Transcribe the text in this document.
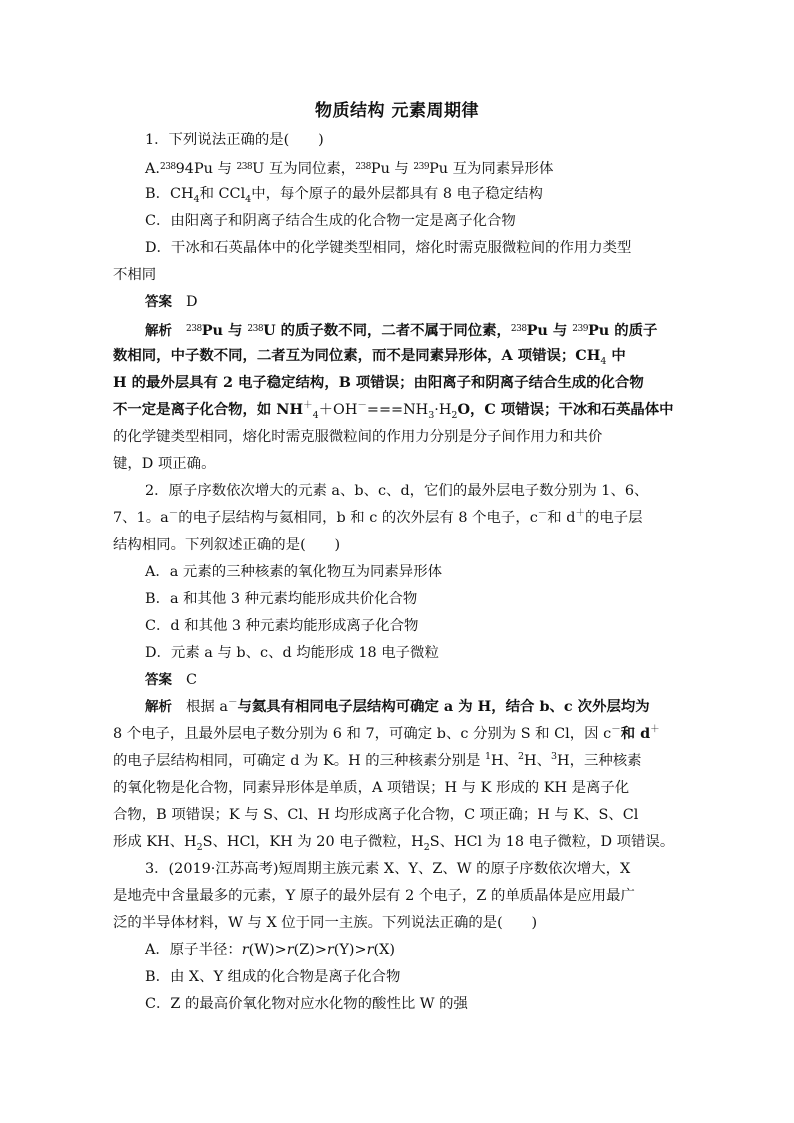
物质结构 元素周期律
1．下列说法正确的是(　　)
A.$^{238}$94Pu 与 $^{238}$U 互为同位素，$^{238}$Pu 与 $^{239}$Pu 互为同素异形体
B．$CH_4$和 CCl$_4$中，每个原子的最外层都具有 8 电子稳定结构
C．由阳离子和阴离子结合生成的化合物一定是离子化合物
D．干冰和石英晶体中的化学键类型相同，熔化时需克服微粒间的作用力类型
不相同
答案 D
解析 $^{238}$Pu 与 $^{238}$U 的质子数不同，二者不属于同位素，$^{238}$Pu 与 $^{239}$Pu 的质子
数相同，中子数不同，二者互为同位素，而不是同素异形体，A 项错误；$CH_4$ 中
H 的最外层具有 2 电子稳定结构，B 项错误；由阳离子和阴离子结合生成的化合物
不一定是离子化合物，如 $NH^+_4+OH^-===NH_3\cdot H_2O$，C 项错误；干冰和石英晶体中
的化学键类型相同，熔化时需克服微粒间的作用力分别是分子间作用力和共价
键，D 项正确。
2．原子序数依次增大的元素 a、b、c、d，它们的最外层电子数分别为 1、6、
7、1。a－的电子层结构与氦相同，b 和 c 的次外层有 8 个电子，c－和 d＋的电子层
结构相同。下列叙述正确的是(　　)
A．a 元素的三种核素的氧化物互为同素异形体
B．a 和其他 3 种元素均能形成共价化合物
C．d 和其他 3 种元素均能形成离子化合物
D．元素 a 与 b、c、d 均能形成 18 电子微粒
答案 C
解析 根据 a－与氦具有相同电子层结构可确定 a 为 H，结合 b、c 次外层均为
8 个电子，且最外层电子数分别为 6 和 7，可确定 b、c 分别为 S 和 Cl，因 c－和 d＋
的电子层结构相同，可确定 d 为 K。H 的三种核素分别是 $^1$H、$^2$H、$^3$H，三种核素
的氧化物是化合物，同素异形体是单质，A 项错误；H 与 K 形成的 KH 是离子化
合物，B 项错误；K 与 S、Cl、H 均形成离子化合物，C 项正确；H 与 K、S、Cl
形成 KH、$H_2S$、HCl，KH 为 20 电子微粒，$H_2S$、HCl 为 18 电子微粒，D 项错误。
3．(2019·江苏高考)短周期主族元素 X、Y、Z、W 的原子序数依次增大，X
是地壳中含量最多的元素，Y 原子的最外层有 2 个电子，Z 的单质晶体是应用最广
泛的半导体材料，W 与 X 位于同一主族。下列说法正确的是(　　)
A．原子半径：r(W)>r(Z)>r(Y)>r(X)
B．由 X、Y 组成的化合物是离子化合物
C．Z 的最高价氧化物对应水化物的酸性比 W 的强
